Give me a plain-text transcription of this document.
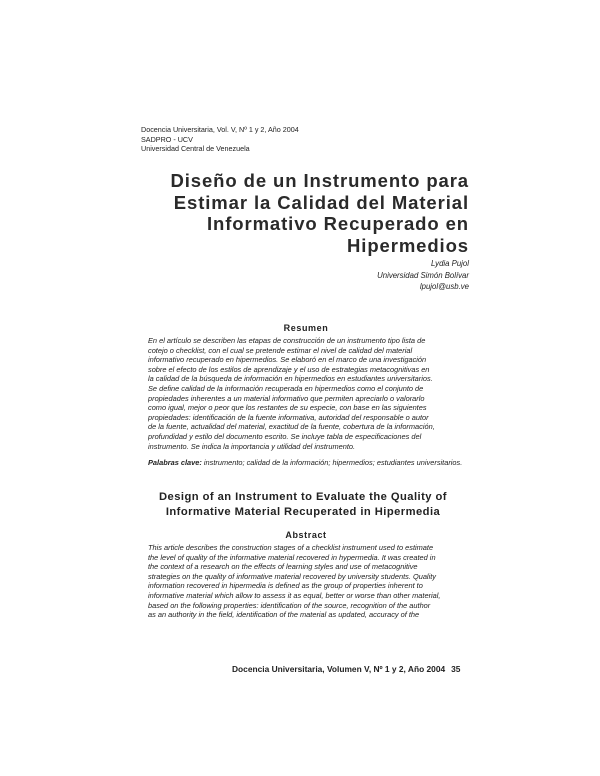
Docencia Universitaria, Vol. V, Nº 1 y 2, Año 2004
SADPRO - UCV
Universidad Central de Venezuela
Diseño de un Instrumento para
Estimar la Calidad del Material
Informativo Recuperado en
Hipermedios
Lydia Pujol
Universidad Simón Bolívar
lpujol@usb.ve
Resumen
En el artículo se describen las etapas de construcción de un instrumento tipo lista de
cotejo o checklist, con el cual se pretende estimar el nivel de calidad del material
informativo recuperado en hipermedios. Se elaboró en el marco de una investigación
sobre el efecto de los estilos de aprendizaje y el uso de estrategias metacognitivas en
la calidad de la búsqueda de información en hipermedios en estudiantes universitarios.
Se define calidad de la información recuperada en hipermedios como el conjunto de
propiedades inherentes a un material informativo que permiten apreciarlo o valorarlo
como igual, mejor o peor que los restantes de su especie, con base en las siguientes
propiedades: identificación de la fuente informativa, autoridad del responsable o autor
de la fuente, actualidad del material, exactitud de la fuente, cobertura de la información,
profundidad y estilo del documento escrito. Se incluye tabla de especificaciones del
instrumento. Se indica la importancia y utilidad del instrumento.
Palabras clave: instrumento; calidad de la información; hipermedios; estudiantes universitarios.
Design of an Instrument to Evaluate the Quality of
Informative Material Recuperated in Hipermedia
Abstract
This article describes the construction stages of a checklist instrument used to estimate
the level of quality of the informative material recovered in hypermedia. It was created in
the context of a research on the effects of learning styles and use of metacognitive
strategies on the quality of informative material recovered by university students. Quality
information recovered in hipermedia is defined as the group of properties inherent to
informative material which allow to assess it as equal, better or worse than other material,
based on the following properties: identification of the source, recognition of the author
as an authority in the field, identification of the material as updated, accuracy of the
Docencia Universitaria, Volumen V, Nº 1 y 2, Año 2004 35
